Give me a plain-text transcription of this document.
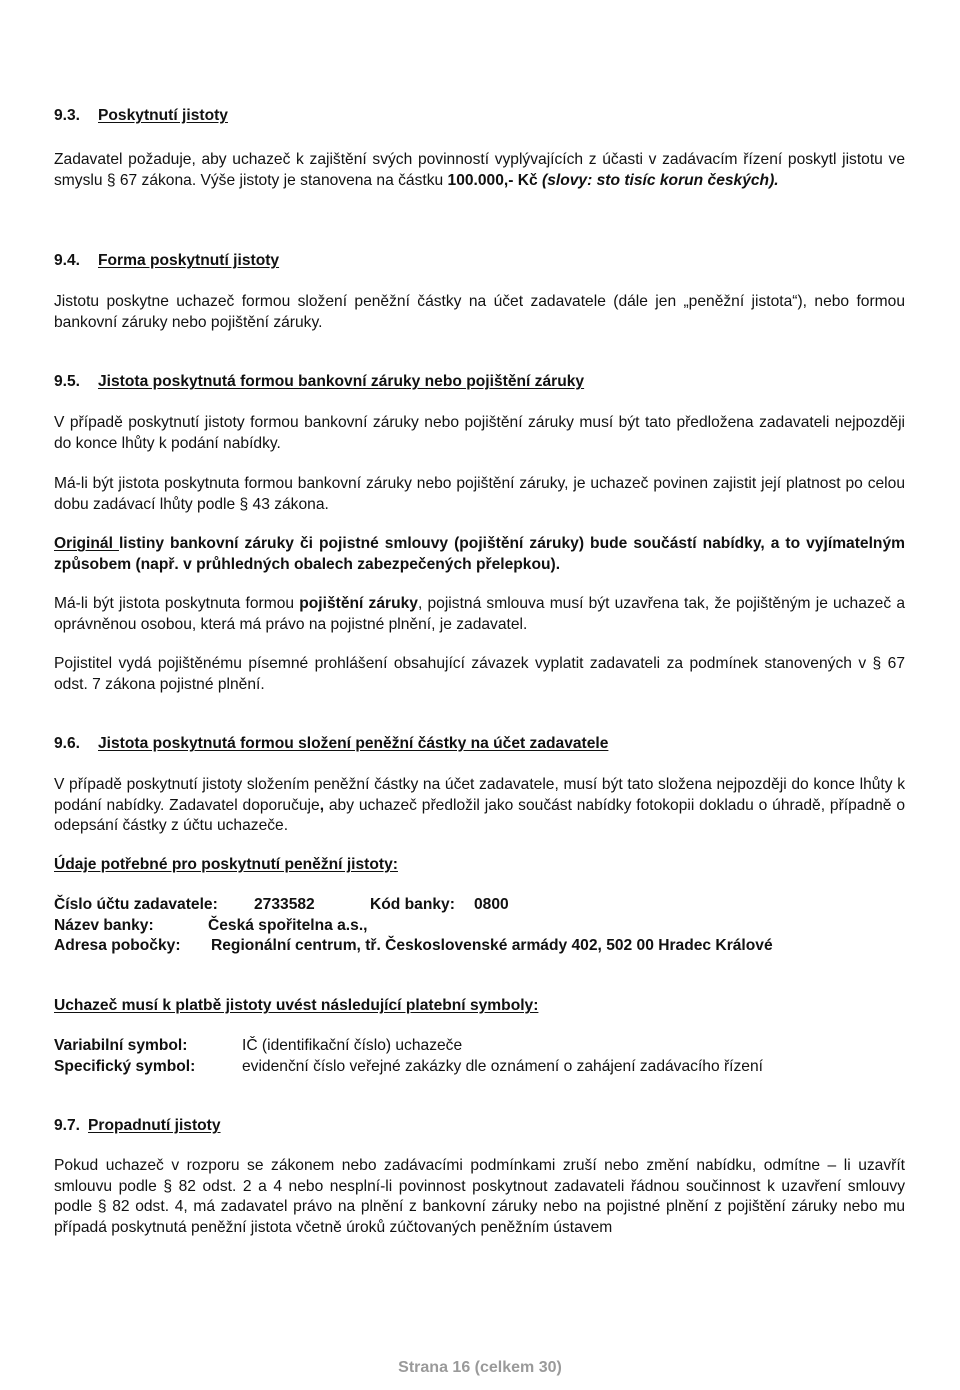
9.3. Poskytnutí jistoty

Zadavatel požaduje, aby uchazeč k zajištění svých povinností vyplývajících z účasti v zadávacím řízení poskytl jistotu ve smyslu § 67 zákona. Výše jistoty je stanovena na částku 100.000,- Kč (slovy: sto tisíc korun českých).

9.4. Forma poskytnutí jistoty

Jistotu poskytne uchazeč formou složení peněžní částky na účet zadavatele (dále jen „peněžní jistota“), nebo formou bankovní záruky nebo pojištění záruky.

9.5. Jistota poskytnutá formou bankovní záruky nebo pojištění záruky

V případě poskytnutí jistoty formou bankovní záruky nebo pojištění záruky musí být tato předložena zadavateli nejpozději do konce lhůty k podání nabídky.

Má-li být jistota poskytnuta formou bankovní záruky nebo pojištění záruky, je uchazeč povinen zajistit její platnost po celou dobu zadávací lhůty podle § 43 zákona.

Originál listiny bankovní záruky či pojistné smlouvy (pojištění záruky) bude součástí nabídky, a to vyjímatelným způsobem (např. v průhledných obalech zabezpečených přelepkou).

Má-li být jistota poskytnuta formou pojištění záruky, pojistná smlouva musí být uzavřena tak, že pojištěným je uchazeč a oprávněnou osobou, která má právo na pojistné plnění, je zadavatel.

Pojistitel vydá pojištěnému písemné prohlášení obsahující závazek vyplatit zadavateli za podmínek stanovených v § 67 odst. 7 zákona pojistné plnění.

9.6. Jistota poskytnutá formou složení peněžní částky na účet zadavatele

V případě poskytnutí jistoty složením peněžní částky na účet zadavatele, musí být tato složena nejpozději do konce lhůty k podání nabídky. Zadavatel doporučuje, aby uchazeč předložil jako součást nabídky fotokopii dokladu o úhradě, případně o odepsání částky z účtu uchazeče.

Údaje potřebné pro poskytnutí peněžní jistoty:
Číslo účtu zadavatele: 2733582	Kód banky: 0800
Název banky:	Česká spořitelna a.s.,
Adresa pobočky: Regionální centrum, tř. Československé armády 402, 502 00 Hradec Králové
Uchazeč musí k platbě jistoty uvést následující platební symboly:
Variabilní symbol:	IČ (identifikační číslo) uchazeče
Specifický symbol:	evidenční číslo veřejné zakázky dle oznámení o zahájení zadávacího řízení
9.7. Propadnutí jistoty

Pokud uchazeč v rozporu se zákonem nebo zadávacími podmínkami zruší nebo změní nabídku, odmítne – li uzavřít smlouvu podle § 82 odst. 2 a 4 nebo nesplní-li povinnost poskytnout zadavateli řádnou součinnost k uzavření smlouvy podle § 82 odst. 4, má zadavatel právo na plnění z bankovní záruky nebo na pojistné plnění z pojištění záruky nebo mu případá poskytnutá peněžní jistota včetně úroků zúčtovaných peněžním ústavem

Strana 16 (celkem 30)
